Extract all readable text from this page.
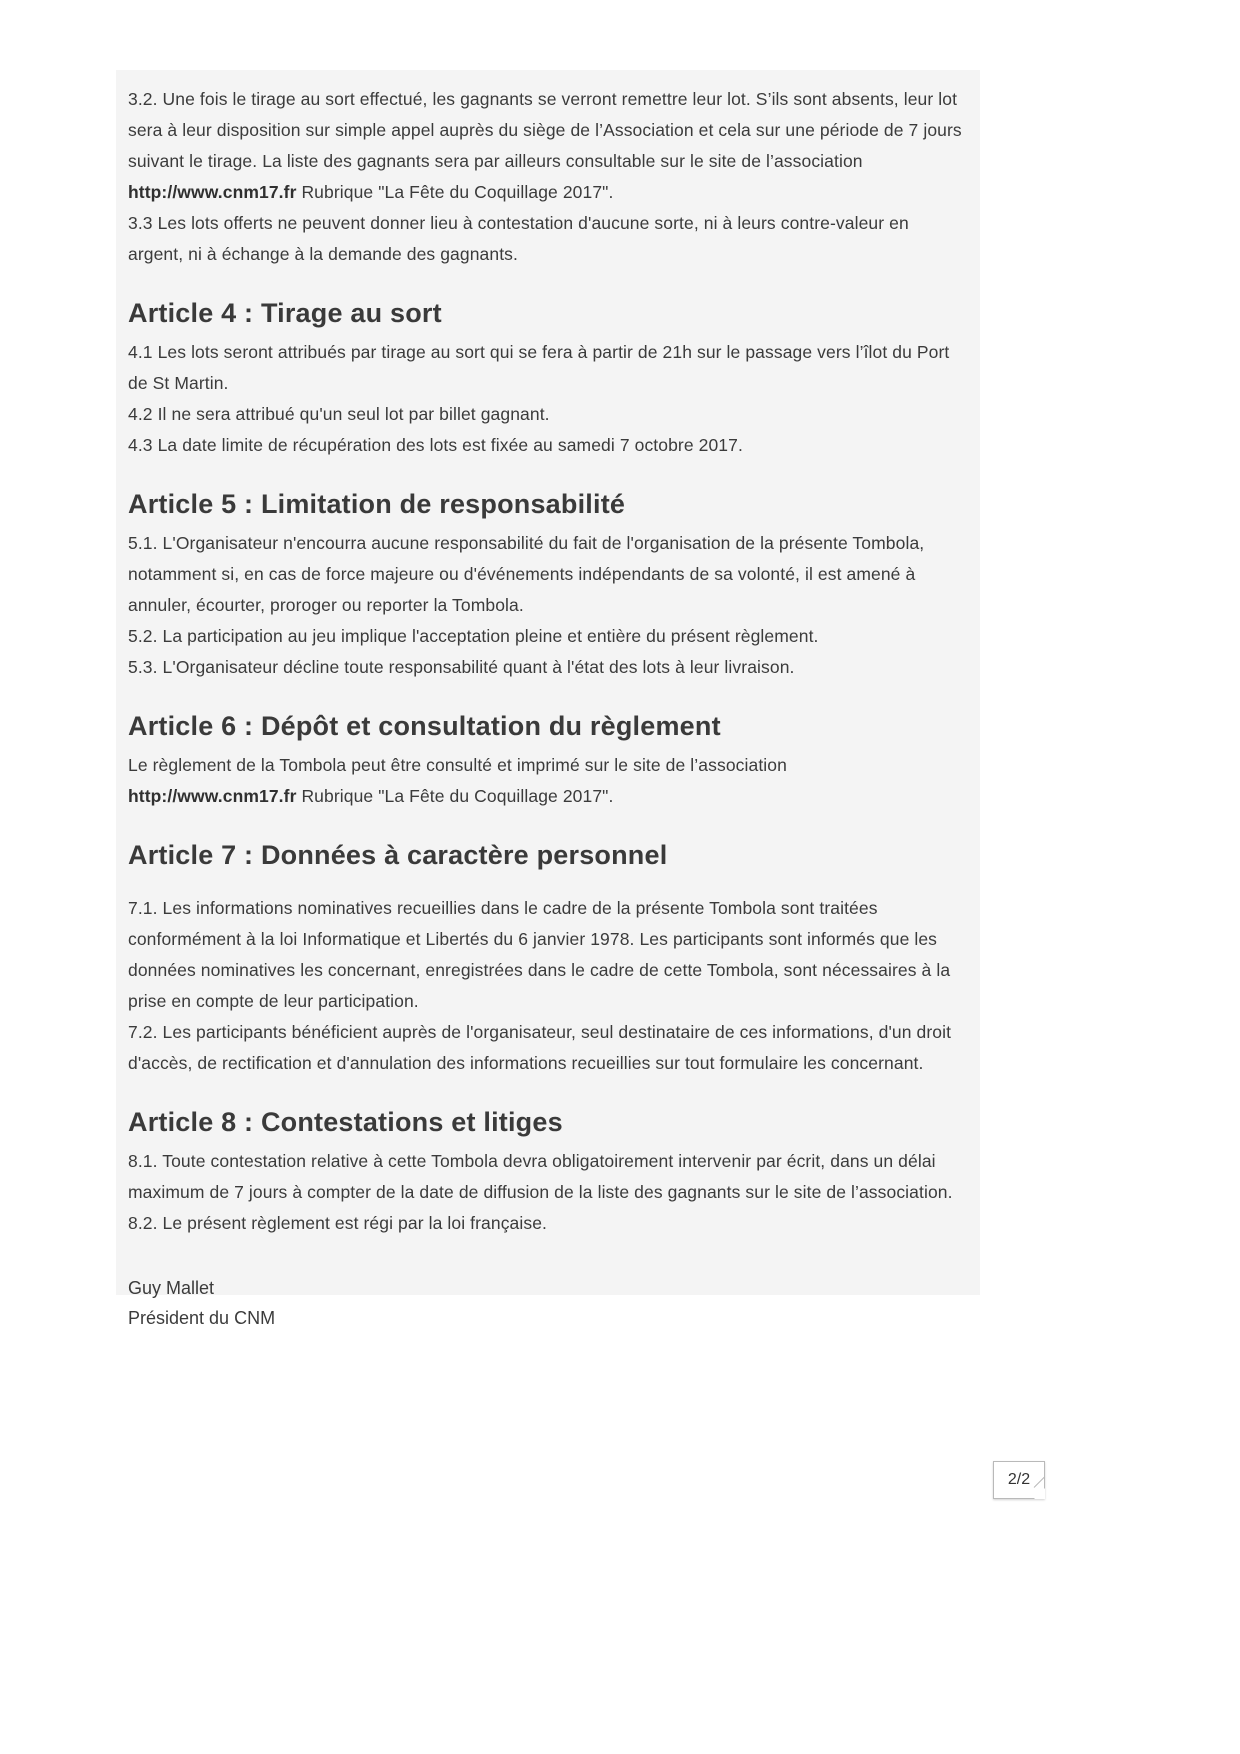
3.2. Une fois le tirage au sort effectué, les gagnants se verront remettre leur lot. S’ils sont absents, leur lot sera à leur disposition sur simple appel auprès du siège de l’Association et cela sur une période de 7 jours suivant le tirage. La liste des gagnants sera par ailleurs consultable sur le site de l’association http://www.cnm17.fr Rubrique "La Fête du Coquillage 2017".

3.3 Les lots offerts ne peuvent donner lieu à contestation d'aucune sorte, ni à leurs contre-valeur en argent, ni à échange à la demande des gagnants.

Article 4 : Tirage au sort

4.1 Les lots seront attribués par tirage au sort qui se fera à partir de 21h sur le passage vers l’îlot du Port de St Martin.

4.2 Il ne sera attribué qu'un seul lot par billet gagnant.

4.3 La date limite de récupération des lots est fixée au samedi 7 octobre 2017.

Article 5 : Limitation de responsabilité

5.1. L'Organisateur n'encourra aucune responsabilité du fait de l'organisation de la présente Tombola, notamment si, en cas de force majeure ou d'événements indépendants de sa volonté, il est amené à annuler, écourter, proroger ou reporter la Tombola.

5.2. La participation au jeu implique l'acceptation pleine et entière du présent règlement.

5.3. L'Organisateur décline toute responsabilité quant à l'état des lots à leur livraison.

Article 6 : Dépôt et consultation du règlement

Le règlement de la Tombola peut être consulté et imprimé sur le site de l’association

http://www.cnm17.fr Rubrique "La Fête du Coquillage 2017".

Article 7 : Données à caractère personnel

7.1. Les informations nominatives recueillies dans le cadre de la présente Tombola sont traitées conformément à la loi Informatique et Libertés du 6 janvier 1978. Les participants sont informés que les données nominatives les concernant, enregistrées dans le cadre de cette Tombola, sont nécessaires à la prise en compte de leur participation.

7.2. Les participants bénéficient auprès de l'organisateur, seul destinataire de ces informations, d'un droit d'accès, de rectification et d'annulation des informations recueillies sur tout formulaire les concernant.

Article 8 : Contestations et litiges

8.1. Toute contestation relative à cette Tombola devra obligatoirement intervenir par écrit, dans un délai maximum de 7 jours à compter de la date de diffusion de la liste des gagnants sur le site de l’association.

8.2. Le présent règlement est régi par la loi française.

Guy Mallet

Président du CNM

2/2
